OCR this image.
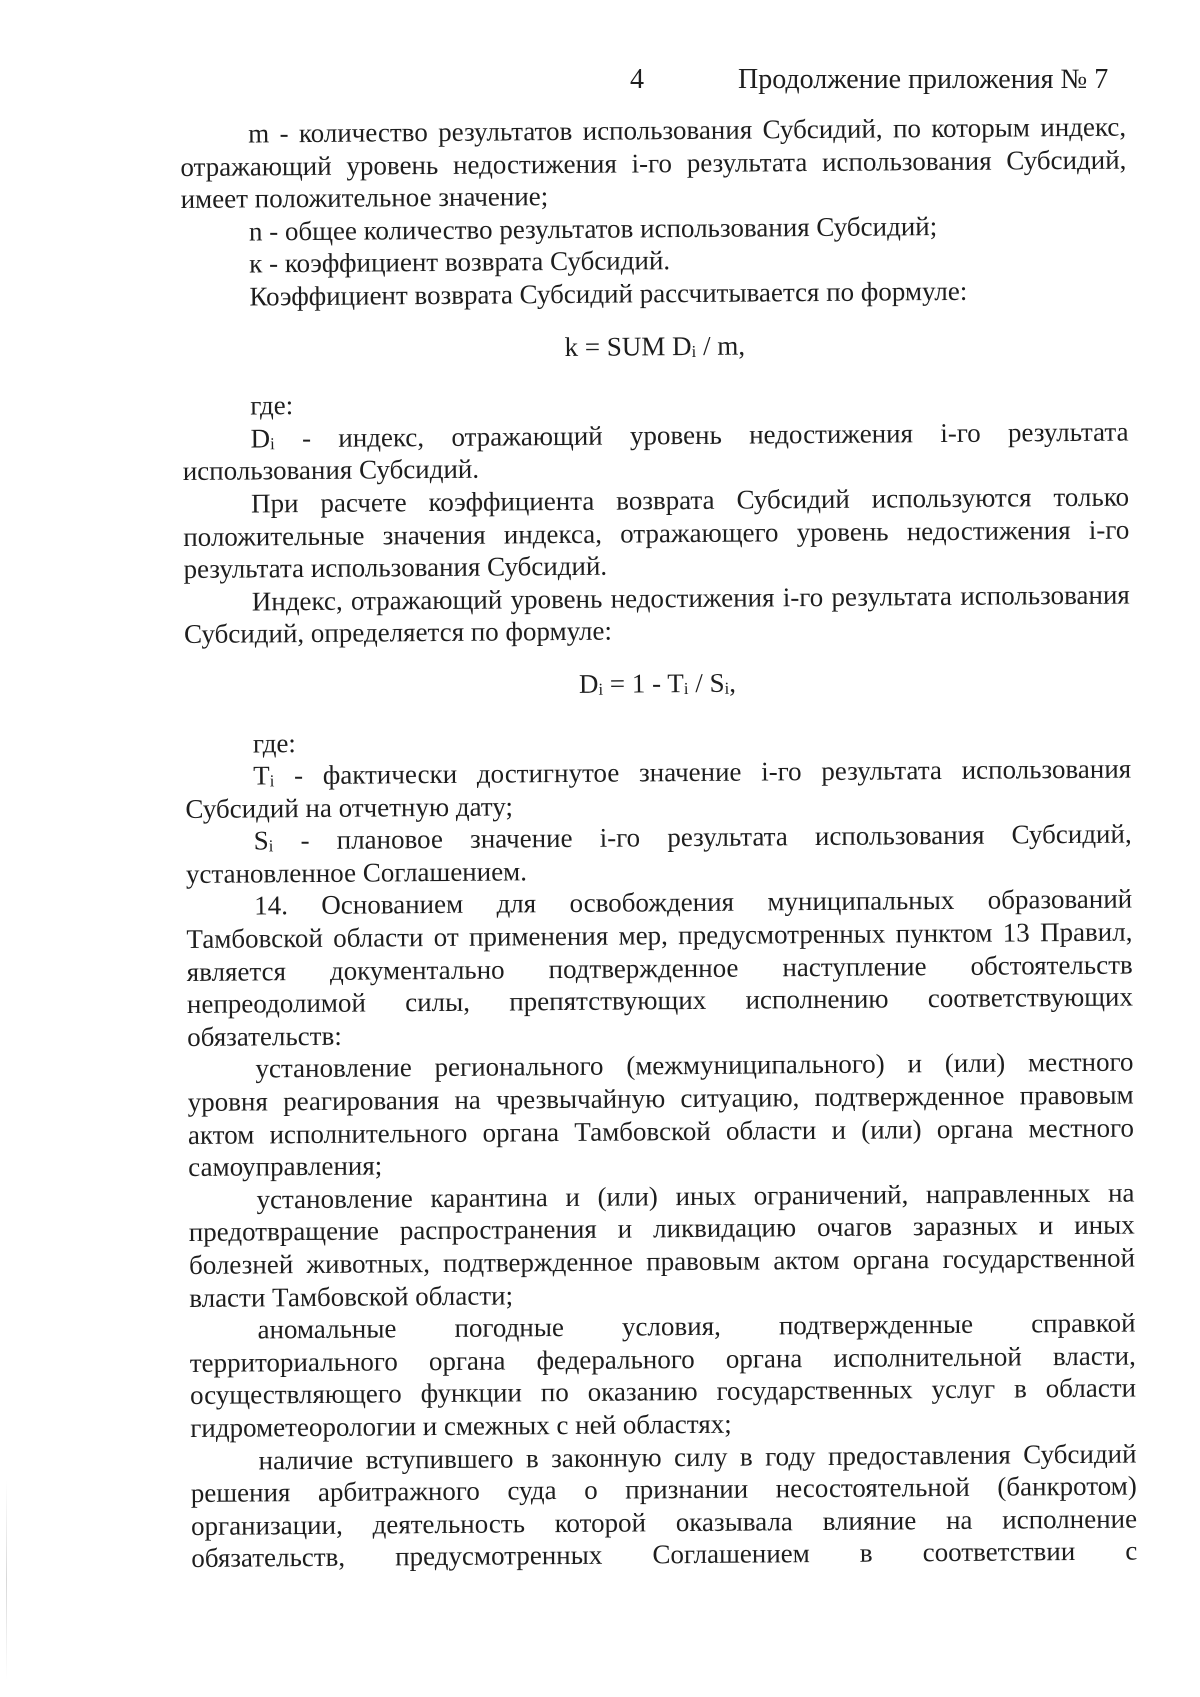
4	Продолжение приложения № 7

m - количество результатов использования Субсидий, по которым индекс, отражающий уровень недостижения i-го результата использования Субсидий, имеет положительное значение;

n - общее количество результатов использования Субсидий;

к - коэффициент возврата Субсидий.

Коэффициент возврата Субсидий рассчитывается по формуле:

k = SUM $D_i$ / m,

где:

$D_i$ - индекс, отражающий уровень недостижения i-го результата использования Субсидий.

При расчете коэффициента возврата Субсидий используются только положительные значения индекса, отражающего уровень недостижения i-го результата использования Субсидий.

Индекс, отражающий уровень недостижения i-го результата использования Субсидий, определяется по формуле:

$D_i = 1 - T_i / S_i$,

где:

$T_i$ - фактически достигнутое значение i-го результата использования Субсидий на отчетную дату;

$S_i$ - плановое значение i-го результата использования Субсидий, установленное Соглашением.

14. Основанием для освобождения муниципальных образований Тамбовской области от применения мер, предусмотренных пунктом 13 Правил, является документально подтвержденное наступление обстоятельств непреодолимой силы, препятствующих исполнению соответствующих обязательств:

установление регионального (межмуниципального) и (или) местного уровня реагирования на чрезвычайную ситуацию, подтвержденное правовым актом исполнительного органа Тамбовской области и (или) органа местного самоуправления;

установление карантина и (или) иных ограничений, направленных на предотвращение распространения и ликвидацию очагов заразных и иных болезней животных, подтвержденное правовым актом органа государственной власти Тамбовской области;

аномальные погодные условия, подтвержденные справкой территориального органа федерального органа исполнительной власти, осуществляющего функции по оказанию государственных услуг в области гидрометеорологии и смежных с ней областях;

наличие вступившего в законную силу в году предоставления Субсидий решения арбитражного суда о признании несостоятельной (банкротом) организации, деятельность которой оказывала влияние на исполнение обязательств, предусмотренных Соглашением в соответствии с
